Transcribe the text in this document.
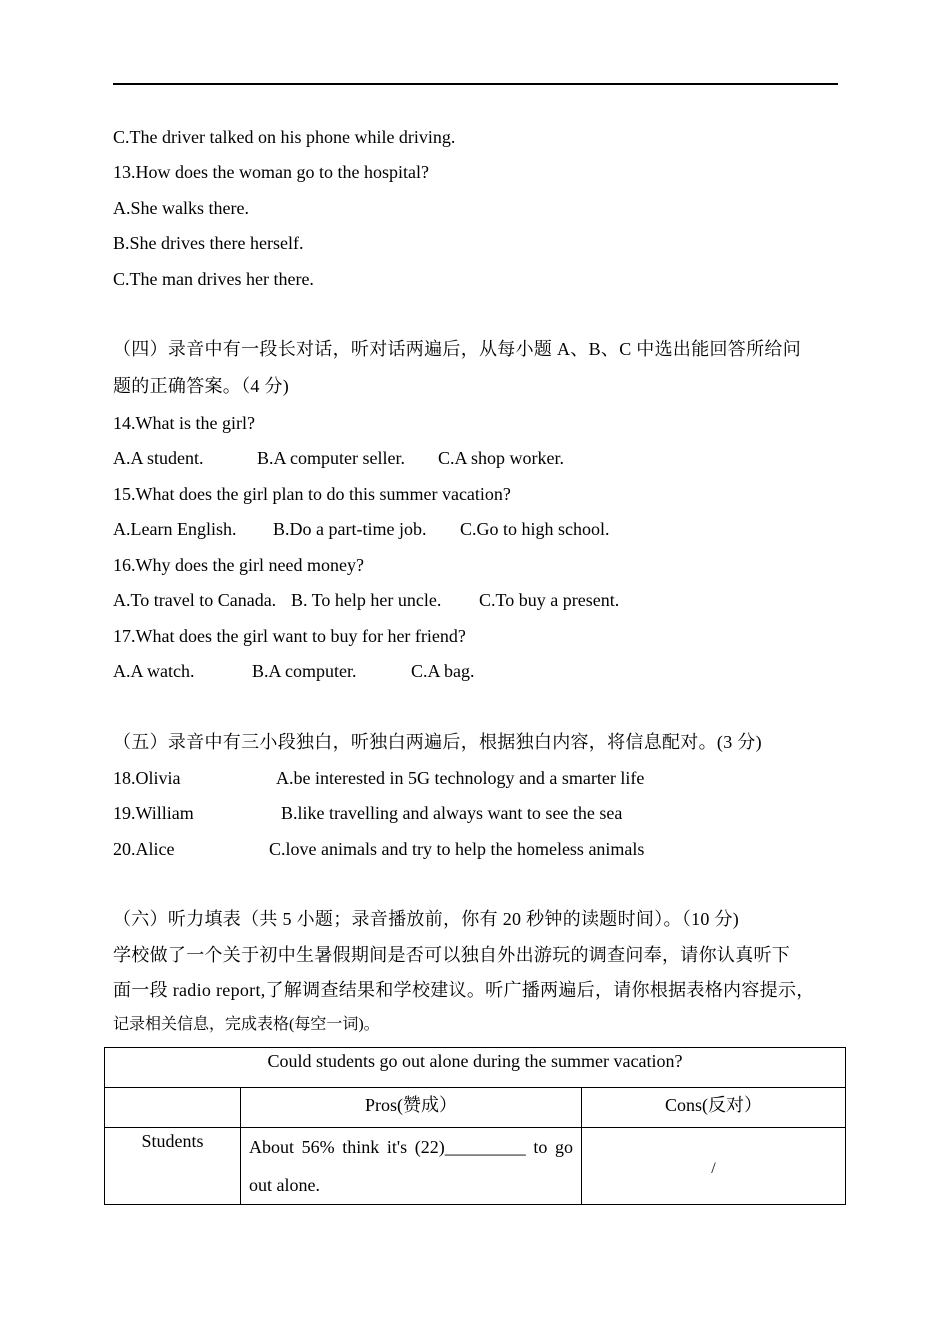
C.The driver talked on his phone while driving.
13.How does the woman go to the hospital?
A.She walks there.
B.She drives there herself.
C.The man drives her there.
（四）录音中有一段长对话，听对话两遍后，从每小题 A、B、C 中选出能回答所给问
题的正确答案。（4 分)
14.What is the girl?
A.A student.	B.A computer seller. C.A shop worker.
15.What does the girl plan to do this summer vacation?
A.Learn English. B.Do a part-time job. C.Go to high school.
16.Why does the girl need money?
A.To travel to Canada. B. To help her uncle. C.To buy a present.
17.What does the girl want to buy for her friend?
A.A watch.	B.A computer.	C.A bag.
（五）录音中有三小段独白，听独白两遍后，根据独白内容，将信息配对。(3 分)
18.Olivia	A.be interested in 5G technology and a smarter life
19.William	B.like travelling and always want to see the sea
20.Alice	C.love animals and try to help the homeless animals
（六）听力填表（共 5 小题；录音播放前，你有 20 秒钟的读题时间）。（10 分)
学校做了一个关于初中生暑假期间是否可以独自外出游玩的调查问奉，请你认真听下
面一段 radio report,了解调查结果和学校建议。听广播两遍后，请你根据表格内容提示，
记录相关信息，完成表格(每空一词)。
Could students go out alone during the summer vacation?		
	Pros(赞成）	Cons(反对）
Students	About 56% think it's (22)_________ to go out alone.	/
